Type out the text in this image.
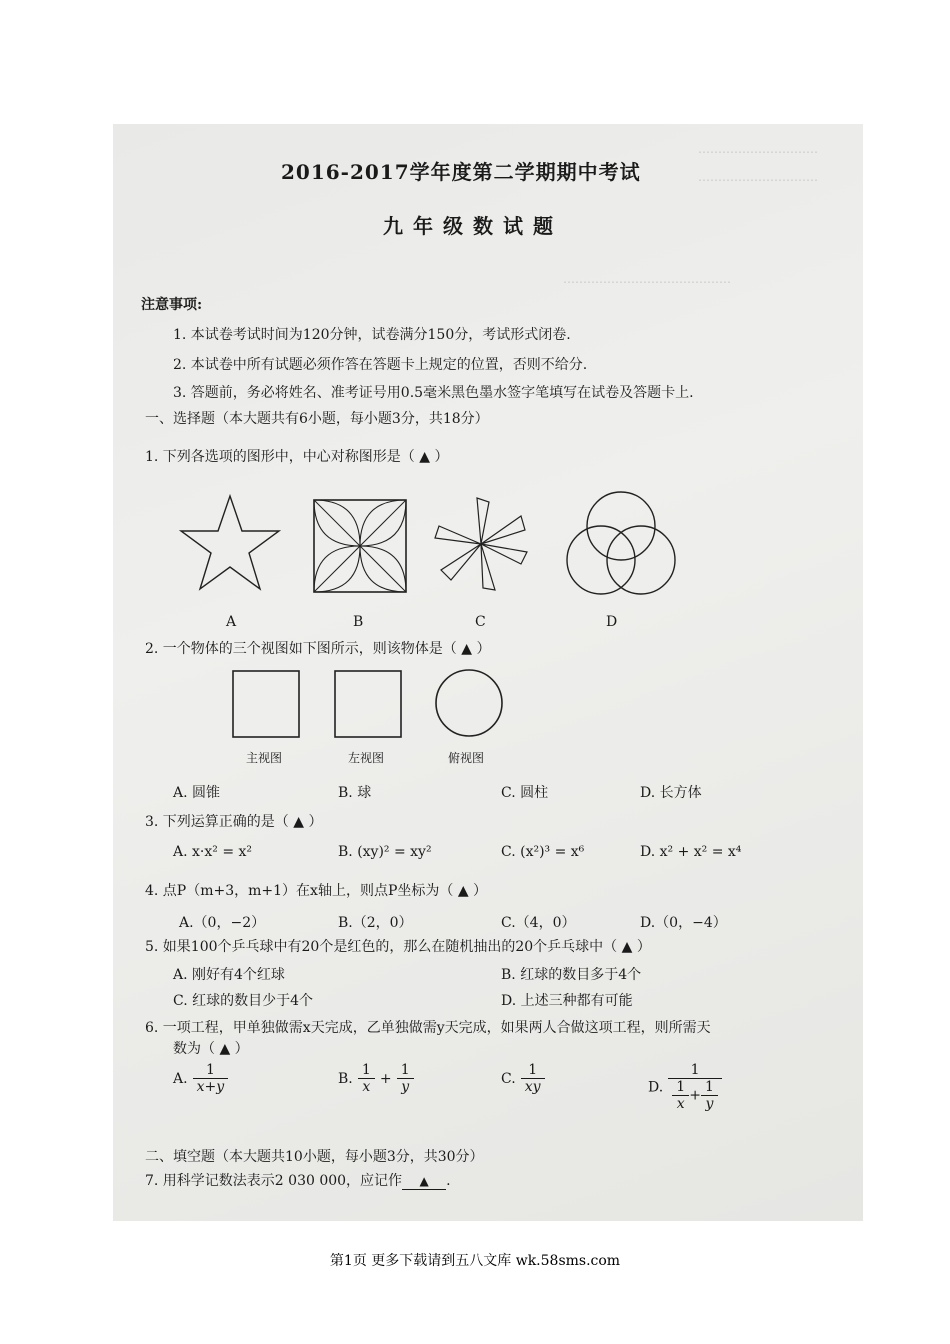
…………………………
…………………………
……………………………………
2016-2017学年度第二学期期中考试
九年级数试题
注意事项:
1. 本试卷考试时间为120分钟，试卷满分150分，考试形式闭卷.
2. 本试卷中所有试题必须作答在答题卡上规定的位置，否则不给分.
3. 答题前，务必将姓名、准考证号用0.5毫米黑色墨水签字笔填写在试卷及答题卡上.
一、选择题（本大题共有6小题，每小题3分，共18分）
1. 下列各选项的图形中，中心对称图形是（ ▲ ）
A	B	C	D
2. 一个物体的三个视图如下图所示，则该物体是（ ▲ ）
主视图	左视图	俯视图
A. 圆锥	B. 球	C. 圆柱	D. 长方体
3. 下列运算正确的是（ ▲ ）
A. x·x² = x²	B. (xy)² = xy²	C. (x²)³ = x⁶	D. x² + x² = x⁴
4. 点P（m+3，m+1）在x轴上，则点P坐标为（ ▲ ）
A.（0，−2）	B.（2，0）	C.（4，0）	D.（0，−4）
5. 如果100个乒乓球中有20个是红色的，那么在随机抽出的20个乒乓球中（ ▲ ）
A. 刚好有4个红球	B. 红球的数目多于4个
C. 红球的数目少于4个	D. 上述三种都有可能
6. 一项工程，甲单独做需x天完成，乙单独做需y天完成，如果两人合做这项工程，则所需天
数为（ ▲ ）
A. $\frac{1}{x+y}$	B. $\frac{1}{x} + \frac{1}{y}$	C. $\frac{1}{xy}$	D. $\frac{1}{\frac{1}{x} + \frac{1}{y}}$
二、填空题（本大题共10小题，每小题3分，共30分）
7. 用科学记数法表示2 030 000，应记作 ▲ .
第1页 更多下载请到五八文库 wk.58sms.com
